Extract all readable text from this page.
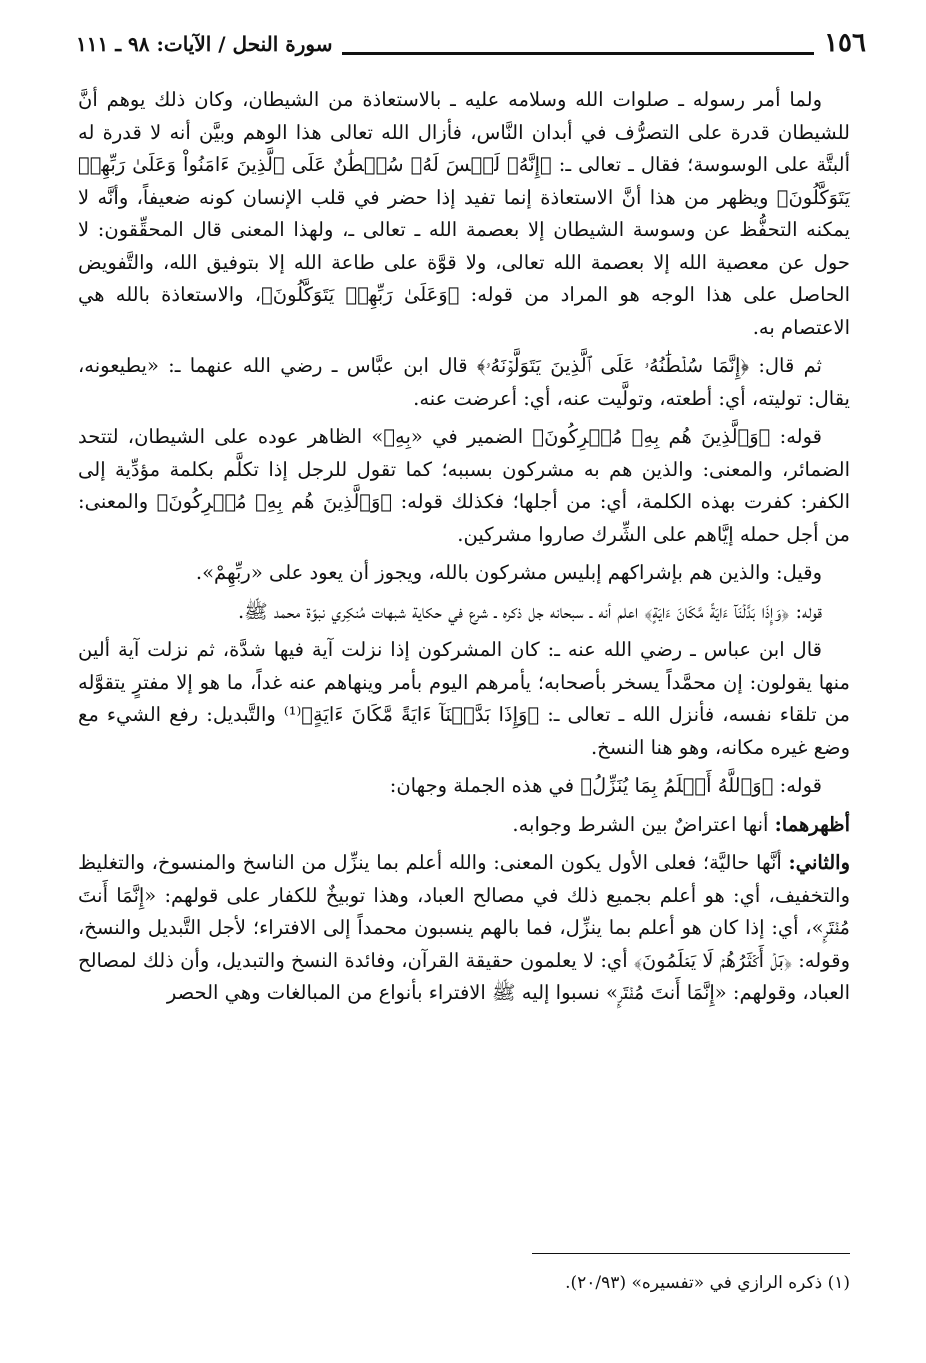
١٥٦
سورة النحل / الآيات: ٩٨ ـ ١١١

ولما أمر رسوله ـ صلوات الله وسلامه عليه ـ بالاستعاذة من الشيطان، وكان ذلك يوهم أنَّ للشيطان قدرة على التصرُّف في أبدان النَّاس، فأزال الله تعالى هذا الوهم وبيَّن أنه لا قدرة له ألبتَّة على الوسوسة؛ فقال ـ تعالى ـ: ﴿إِنَّهُۥ لَيۡسَ لَهُۥ سُلۡطَٰنٌ عَلَى ٱلَّذِينَ ءَامَنُواْ وَعَلَىٰ رَبِّهِمۡ يَتَوَكَّلُونَ﴾ ويظهر من هذا أنَّ الاستعاذة إنما تفيد إذا حضر في قلب الإنسان كونه ضعيفاً، وأنَّه لا يمكنه التحفُّظ عن وسوسة الشيطان إلا بعصمة الله ـ تعالى ـ، ولهذا المعنى قال المحقِّقون: لا حول عن معصية الله إلا بعصمة الله تعالى، ولا قوَّة على طاعة الله إلا بتوفيق الله، والتَّفويض الحاصل على هذا الوجه هو المراد من قوله: ﴿وَعَلَىٰ رَبِّهِمۡ يَتَوَكَّلُونَ﴾، والاستعاذة بالله هي الاعتصام به.

ثم قال: ﴿إِنَّمَا سُلۡطَٰنُهُۥ عَلَى ٱلَّذِينَ يَتَوَلَّوۡنَهُۥ﴾ قال ابن عبَّاس ـ رضي الله عنهما ـ: «يطيعونه، يقال: توليته، أي: أطعته، وتولَّيت عنه، أي: أعرضت عنه.

قوله: ﴿وَٱلَّذِينَ هُم بِهِۦ مُشۡرِكُونَ﴾ الضمير في «بِهِۦ» الظاهر عوده على الشيطان، لتتحد الضمائر، والمعنى: والذين هم به مشركون بسببه؛ كما تقول للرجل إذا تكلَّم بكلمة مؤدِّية إلى الكفر: كفرت بهذه الكلمة، أي: من أجلها؛ فكذلك قوله: ﴿وَٱلَّذِينَ هُم بِهِۦ مُشۡرِكُونَ﴾ والمعنى: من أجل حمله إيَّاهم على الشِّرك صاروا مشركين.

وقيل: والذين هم بإشراكهم إبليس مشركون بالله، ويجوز أن يعود على «ربِّهِمْ».

قوله: ﴿وَإِذَا بَدَّلۡنَآ ءَايَةً مَّكَانَ ءَايَةٍ﴾ اعلم أنه ـ سبحانه جل ذكره ـ شرع في حكاية شبهات مُنكِري نبوّة محمد ﷺ.

قال ابن عباس ـ رضي الله عنه ـ: كان المشركون إذا نزلت آية فيها شدَّة، ثم نزلت آية ألين منها يقولون: إن محمَّداً يسخر بأصحابه؛ يأمرهم اليوم بأمر وينهاهم عنه غداً، ما هو إلا مفترٍ يتقوَّله من تلقاء نفسه، فأنزل الله ـ تعالى ـ: ﴿وَإِذَا بَدَّلۡنَآ ءَايَةً مَّكَانَ ءَايَةٍ﴾⁽¹⁾ والتَّبديل: رفع الشيء مع وضع غيره مكانه، وهو هنا النسخ.

قوله: ﴿وَٱللَّهُ أَعۡلَمُ بِمَا يُنَزِّلُ﴾ في هذه الجملة وجهان:

أظهرهما: أنها اعتراضٌ بين الشرط وجوابه.

والثاني: أنَّها حاليَّة؛ فعلى الأول يكون المعنى: والله أعلم بما ينزِّل من الناسخ والمنسوخ، والتغليظ والتخفيف، أي: هو أعلم بجميع ذلك في مصالح العباد، وهذا توبيخٌ للكفار على قولهم: «إِنَّمَا أَنتَ مُفۡتَرِۭ»، أي: إذا كان هو أعلم بما ينزِّل، فما بالهم ينسبون محمداً إلى الافتراء؛ لأجل التَّبديل والنسخ، وقوله: ﴿بَلۡ أَكۡثَرُهُمۡ لَا يَعۡلَمُونَ﴾ أي: لا يعلمون حقيقة القرآن، وفائدة النسخ والتبديل، وأن ذلك لمصالح العباد، وقولهم: «إِنَّمَا أَنتَ مُفۡتَرِۭ» نسبوا إليه ﷺ الافتراء بأنواع من المبالغات وهي الحصر

(١) ذكره الرازي في «تفسيره» (٢٠/٩٣).
